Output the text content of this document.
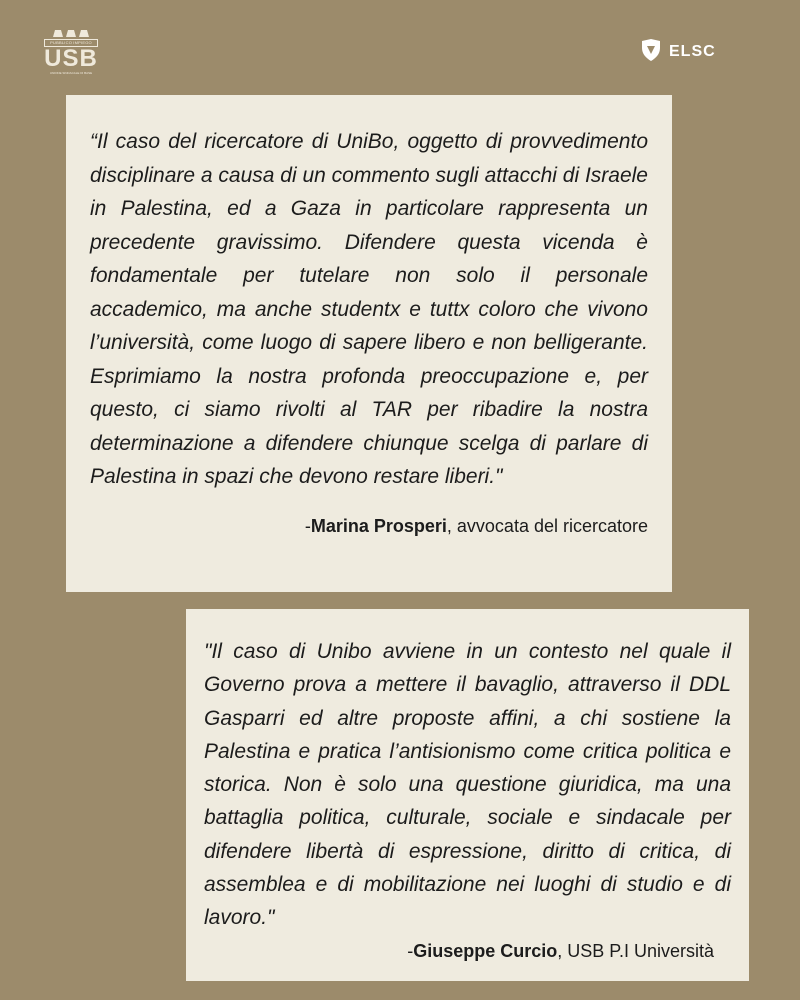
PUBBLICO IMPIEGO
USB
UNIONE SINDACALE DI BASE
ELSC

“Il caso del ricercatore di UniBo, oggetto di provvedimento disciplinare a causa di un commento sugli attacchi di Israele in Palestina, ed a Gaza in particolare rappresenta un precedente gravissimo. Difendere questa vicenda è fondamentale per tutelare non solo il personale accademico, ma anche studentx e tuttx coloro che vivono l’università, come luogo di sapere libero e non belligerante. Esprimiamo la nostra profonda preoccupazione e, per questo, ci siamo rivolti al TAR per ribadire la nostra determinazione a difendere chiunque scelga di parlare di Palestina in spazi che devono restare liberi."

-Marina Prosperi, avvocata del ricercatore

"Il caso di Unibo avviene in un contesto nel quale il Governo prova a mettere il bavaglio, attraverso il DDL Gasparri ed altre proposte affini, a chi sostiene la Palestina e pratica l’antisionismo come critica politica e storica. Non è solo una questione giuridica, ma una battaglia politica, culturale, sociale e sindacale per difendere libertà di espressione, diritto di critica, di assemblea e di mobilitazione nei luoghi di studio e di lavoro."

-Giuseppe Curcio, USB P.I Università
